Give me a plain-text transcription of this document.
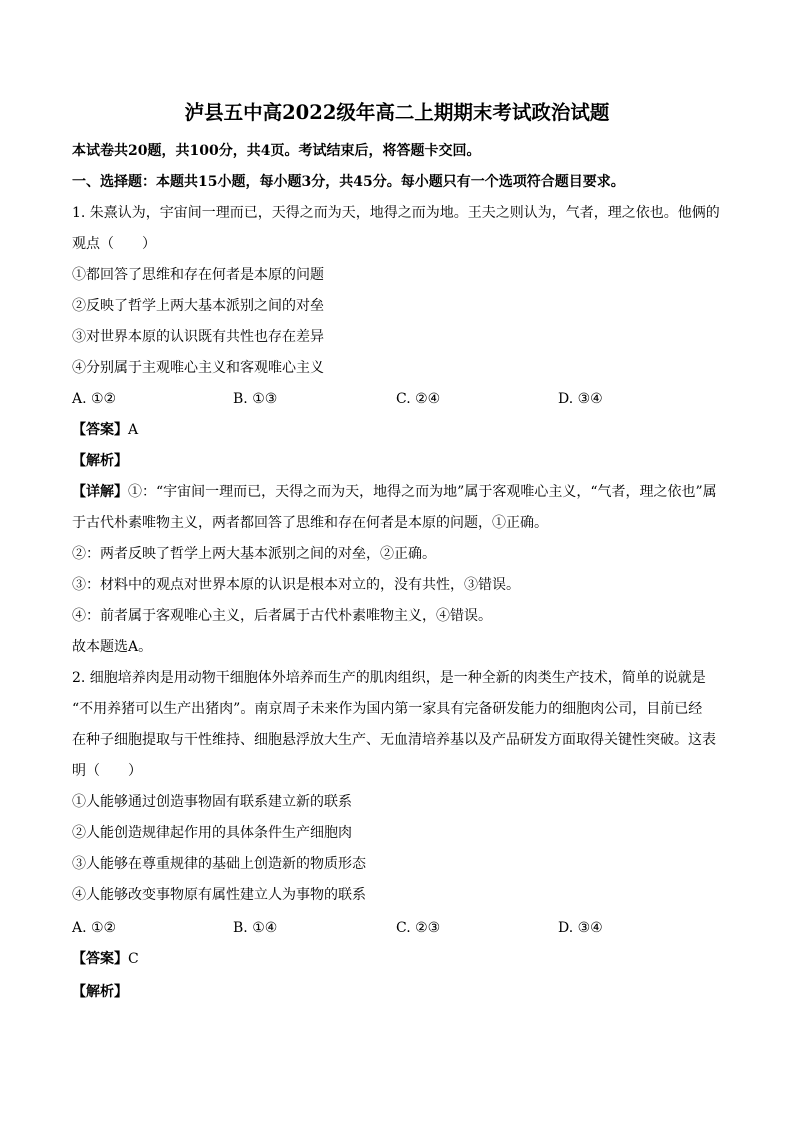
泸县五中高2022级年高二上期期末考试政治试题
本试卷共20题，共100分，共4页。考试结束后，将答题卡交回。
一、选择题：本题共15小题，每小题3分，共45分。每小题只有一个选项符合题目要求。
1. 朱熹认为，宇宙间一理而已，天得之而为天，地得之而为地。王夫之则认为，气者，理之依也。他俩的
观点（　　）
①都回答了思维和存在何者是本原的问题
②反映了哲学上两大基本派别之间的对垒
③对世界本原的认识既有共性也存在差异
④分别属于主观唯心主义和客观唯心主义
A. ①②	B. ①③	C. ②④	D. ③④
【答案】A
【解析】
【详解】①：“宇宙间一理而已，天得之而为天，地得之而为地”属于客观唯心主义，“气者，理之依也”属
于古代朴素唯物主义，两者都回答了思维和存在何者是本原的问题，①正确。
②：两者反映了哲学上两大基本派别之间的对垒，②正确。
③：材料中的观点对世界本原的认识是根本对立的，没有共性，③错误。
④：前者属于客观唯心主义，后者属于古代朴素唯物主义，④错误。
故本题选A。
2. 细胞培养肉是用动物干细胞体外培养而生产的肌肉组织，是一种全新的肉类生产技术，简单的说就是
“不用养猪可以生产出猪肉”。南京周子未来作为国内第一家具有完备研发能力的细胞肉公司，目前已经
在种子细胞提取与干性维持、细胞悬浮放大生产、无血清培养基以及产品研发方面取得关键性突破。这表
明（　　）
①人能够通过创造事物固有联系建立新的联系
②人能创造规律起作用的具体条件生产细胞肉
③人能够在尊重规律的基础上创造新的物质形态
④人能够改变事物原有属性建立人为事物的联系
A. ①②	B. ①④	C. ②③	D. ③④
【答案】C
【解析】
